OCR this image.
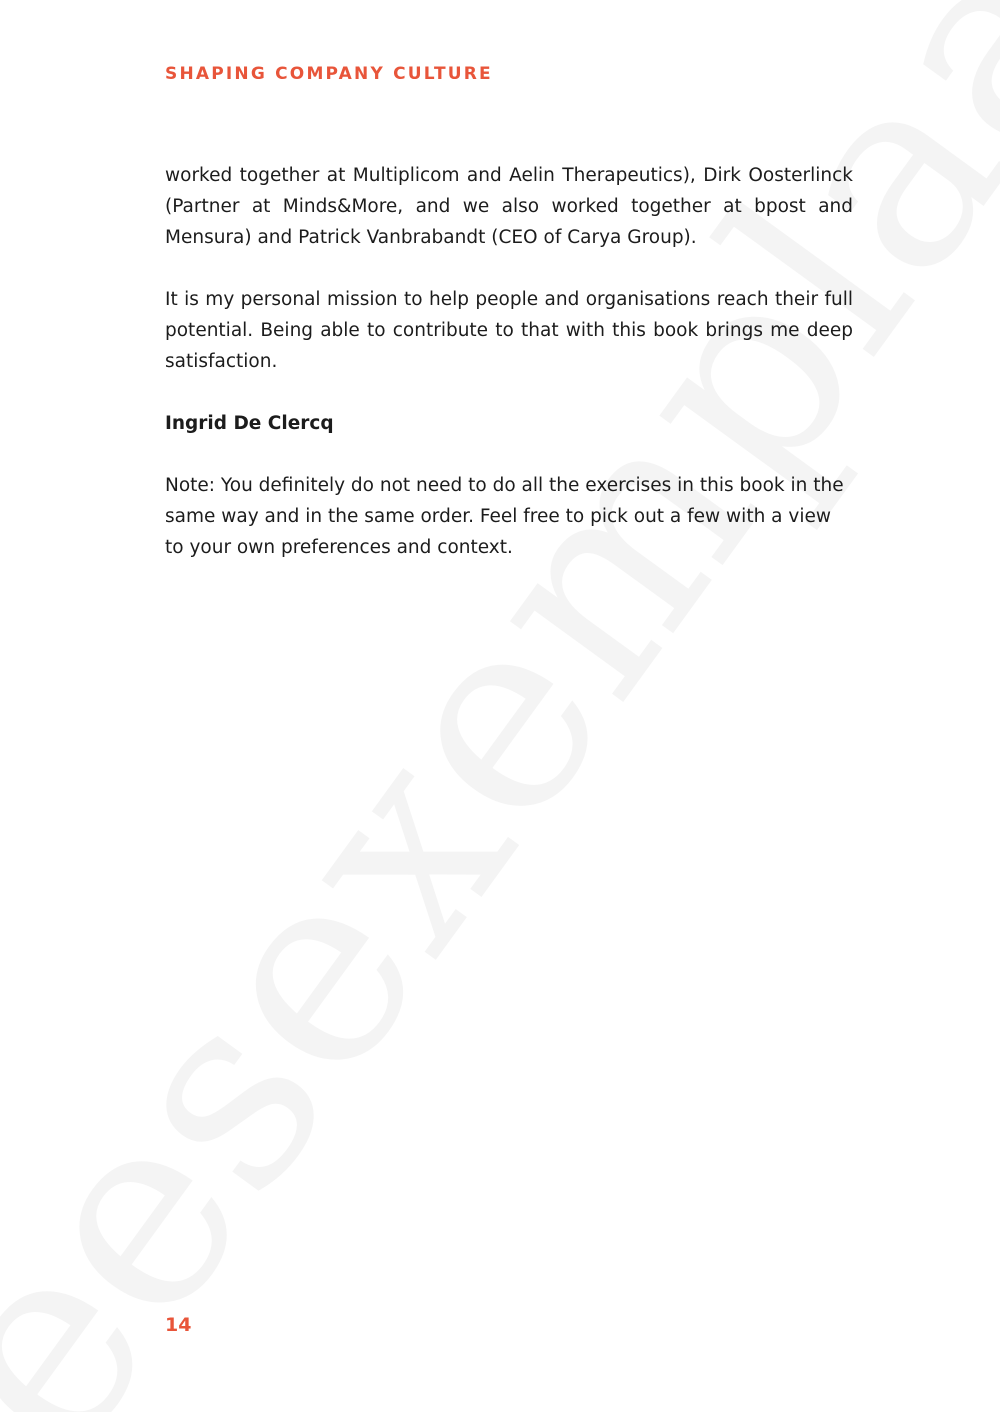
SHAPING COMPANY CULTURE

worked together at Multiplicom and Aelin Therapeutics), Dirk Oosterlinck (Partner at Minds&More, and we also worked together at bpost and Mensura) and Patrick Vanbrabandt (CEO of Carya Group).

It is my personal mission to help people and organisations reach their full potential. Being able to contribute to that with this book brings me deep satisfaction.

Ingrid De Clercq

Note: You definitely do not need to do all the exercises in this book in the same way and in the same order. Feel free to pick out a few with a view to your own preferences and context.

14
